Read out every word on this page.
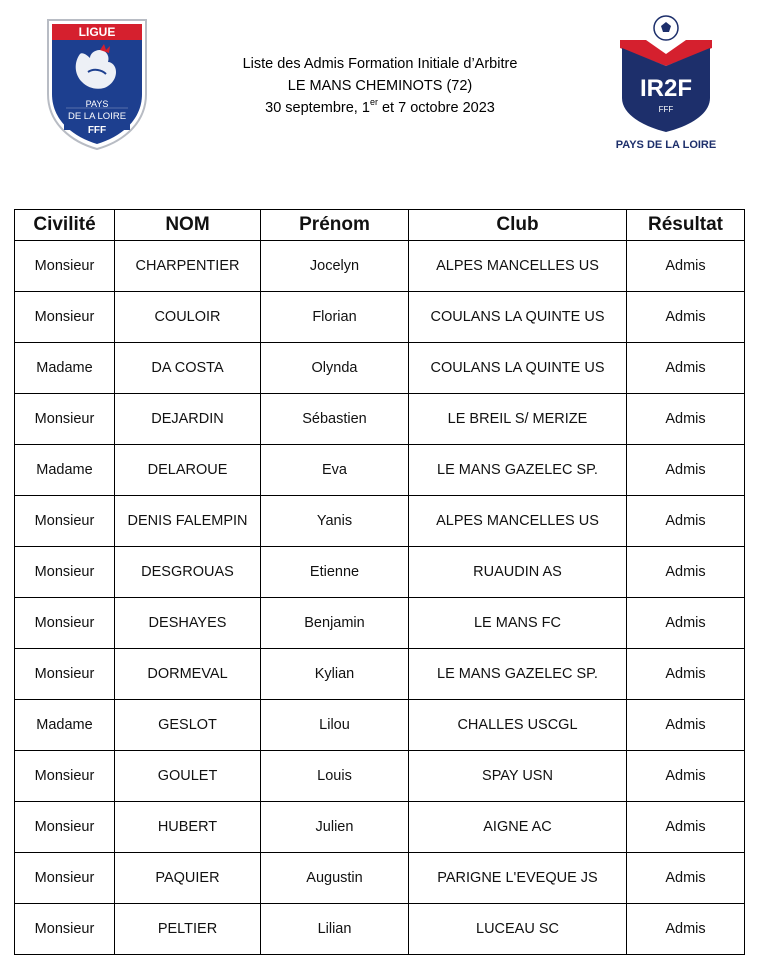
LIGUE
PAYS
DE LA LOIRE
FFF
Liste des Admis Formation Initiale d’Arbitre
LE MANS CHEMINOTS (72)
30 septembre, 1er et 7 octobre 2023
IR2F
FFF
PAYS DE LA LOIRE
Civilité	NOM	Prénom	Club	Résultat
Monsieur	CHARPENTIER	Jocelyn	ALPES MANCELLES US	Admis
Monsieur	COULOIR	Florian	COULANS LA QUINTE US	Admis
Madame	DA COSTA	Olynda	COULANS LA QUINTE US	Admis
Monsieur	DEJARDIN	Sébastien	LE BREIL S/ MERIZE	Admis
Madame	DELAROUE	Eva	LE MANS GAZELEC SP.	Admis
Monsieur	DENIS FALEMPIN	Yanis	ALPES MANCELLES US	Admis
Monsieur	DESGROUAS	Etienne	RUAUDIN AS	Admis
Monsieur	DESHAYES	Benjamin	LE MANS FC	Admis
Monsieur	DORMEVAL	Kylian	LE MANS GAZELEC SP.	Admis
Madame	GESLOT	Lilou	CHALLES USCGL	Admis
Monsieur	GOULET	Louis	SPAY USN	Admis
Monsieur	HUBERT	Julien	AIGNE AC	Admis
Monsieur	PAQUIER	Augustin	PARIGNE L'EVEQUE JS	Admis
Monsieur	PELTIER	Lilian	LUCEAU SC	Admis
